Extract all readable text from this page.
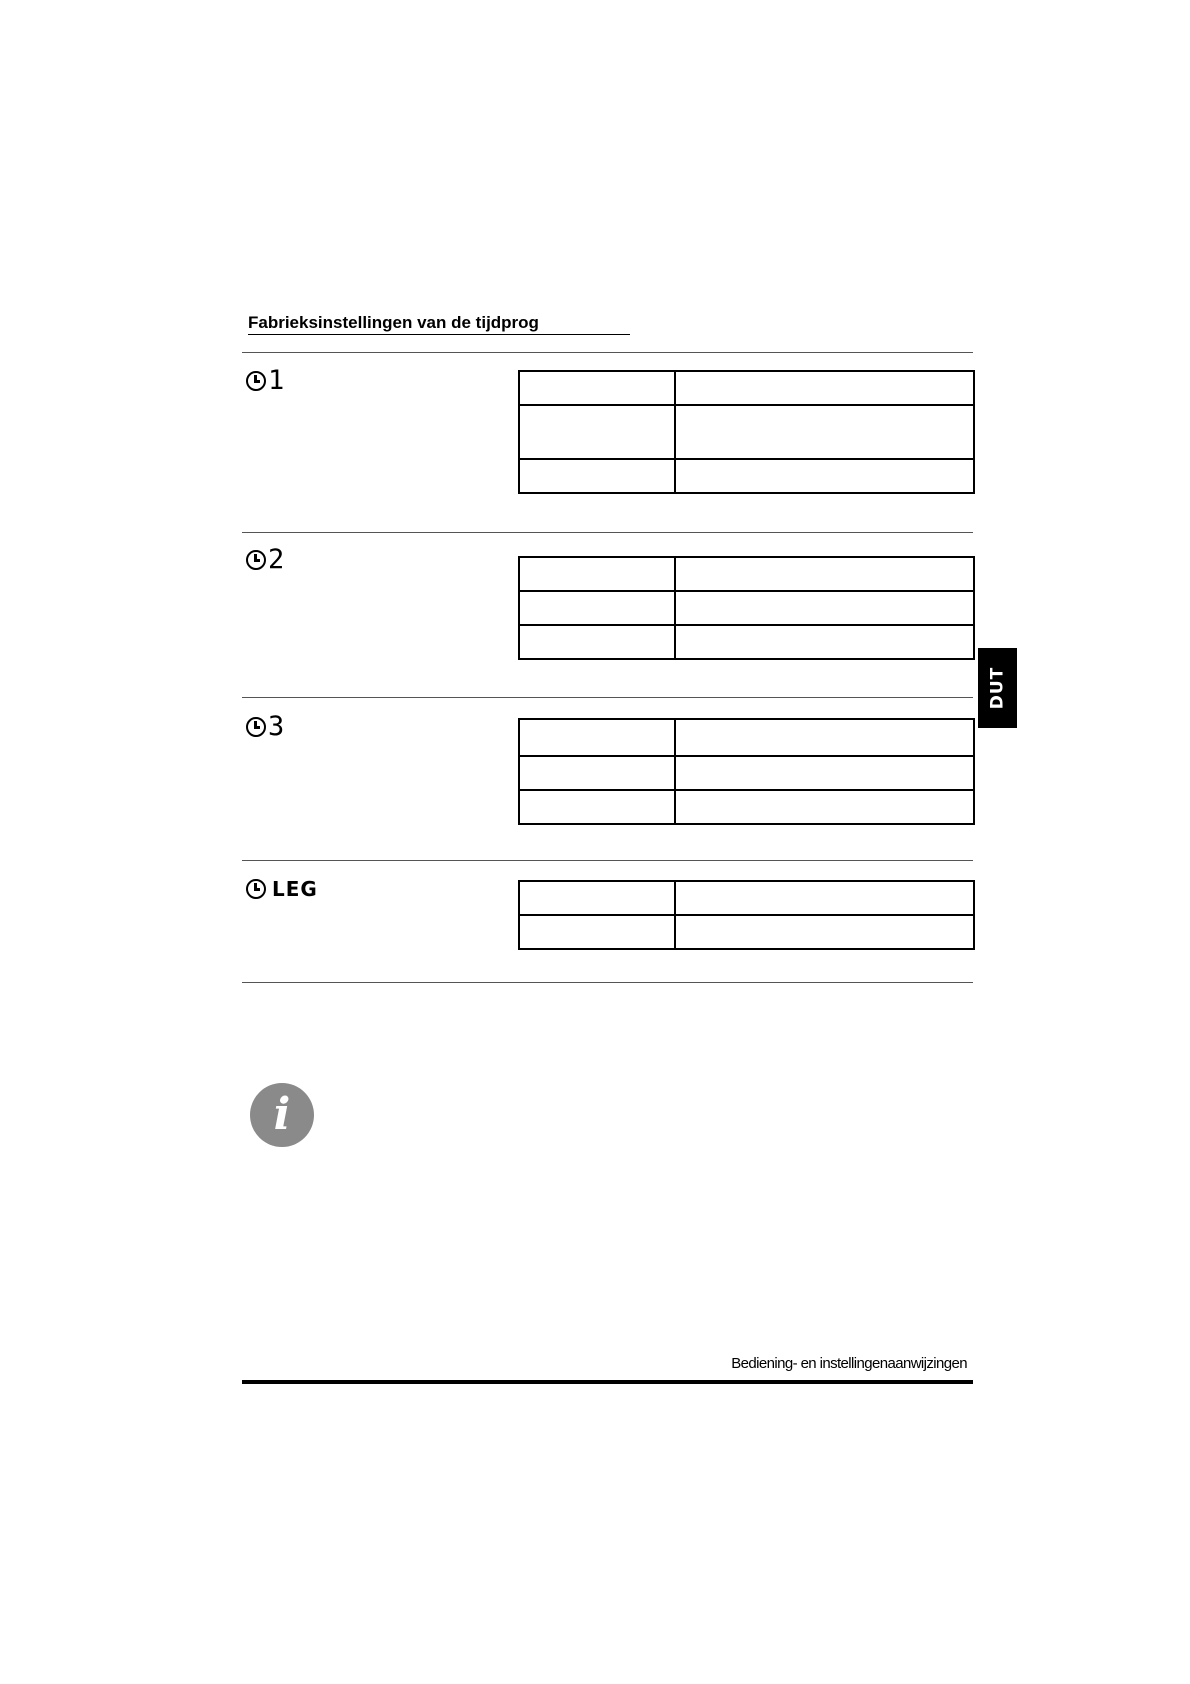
Fabrieksinstellingen van de tijdprog
1

2

3

LEG

DUT
i
Bediening- en instellingenaanwijzingen
